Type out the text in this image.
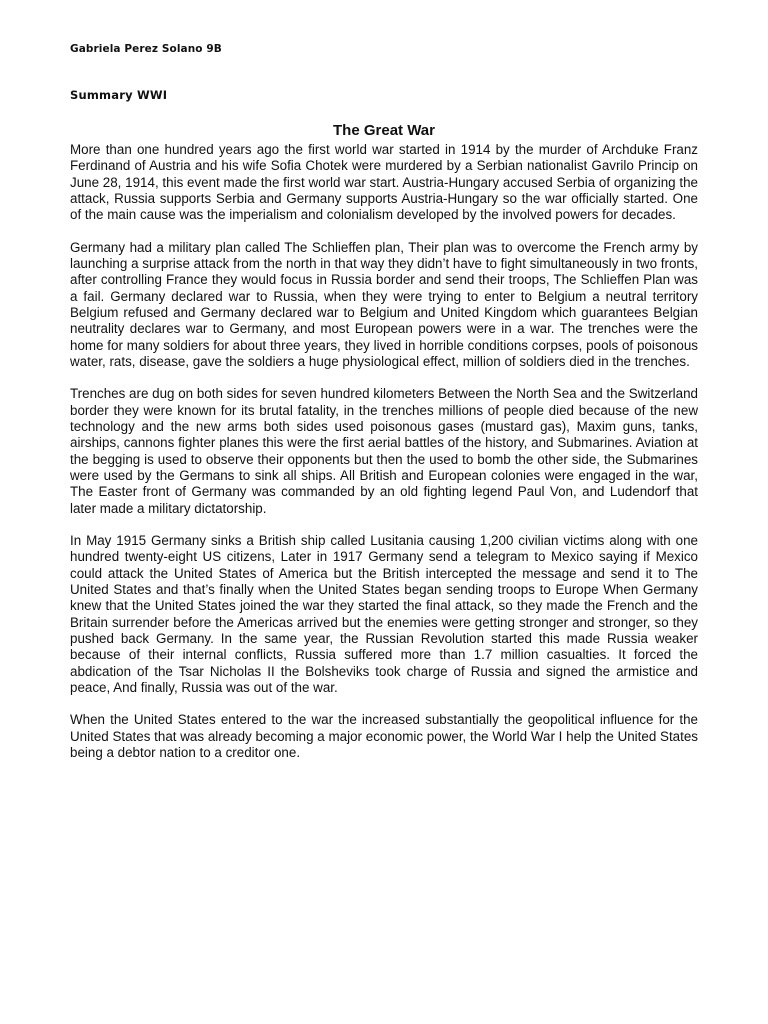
Gabriela Perez Solano 9B
Summary WWI
The Great War

More than one hundred years ago the first world war started in 1914 by the murder of Archduke Franz Ferdinand of Austria and his wife Sofia Chotek were murdered by a Serbian nationalist Gavrilo Princip on June 28, 1914, this event made the first world war start. Austria-Hungary accused Serbia of organizing the attack, Russia supports Serbia and Germany supports Austria-Hungary so the war officially started. One of the main cause was the imperialism and colonialism developed by the involved powers for decades.

Germany had a military plan called The Schlieffen plan, Their plan was to overcome the French army by launching a surprise attack from the north in that way they didn’t have to fight simultaneously in two fronts, after controlling France they would focus in Russia border and send their troops, The Schlieffen Plan was a fail. Germany declared war to Russia, when they were trying to enter to Belgium a neutral territory Belgium refused and Germany declared war to Belgium and United Kingdom which guarantees Belgian neutrality declares war to Germany, and most European powers were in a war. The trenches were the home for many soldiers for about three years, they lived in horrible conditions corpses, pools of poisonous water, rats, disease, gave the soldiers a huge physiological effect, million of soldiers died in the trenches.

Trenches are dug on both sides for seven hundred kilometers Between the North Sea and the Switzerland border they were known for its brutal fatality, in the trenches millions of people died because of the new technology and the new arms both sides used poisonous gases (mustard gas), Maxim guns, tanks, airships, cannons fighter planes this were the first aerial battles of the history, and Submarines. Aviation at the begging is used to observe their opponents but then the used to bomb the other side, the Submarines were used by the Germans to sink all ships. All British and European colonies were engaged in the war, The Easter front of Germany was commanded by an old fighting legend Paul Von, and Ludendorf that later made a military dictatorship.

In May 1915 Germany sinks a British ship called Lusitania causing 1,200 civilian victims along with one hundred twenty-eight US citizens, Later in 1917 Germany send a telegram to Mexico saying if Mexico could attack the United States of America but the British intercepted the message and send it to The United States and that’s finally when the United States began sending troops to Europe When Germany knew that the United States joined the war they started the final attack, so they made the French and the Britain surrender before the Americas arrived but the enemies were getting stronger and stronger, so they pushed back Germany. In the same year, the Russian Revolution started this made Russia weaker because of their internal conflicts, Russia suffered more than 1.7 million casualties. It forced the abdication of the Tsar Nicholas II the Bolsheviks took charge of Russia and signed the armistice and peace, And finally, Russia was out of the war.

When the United States entered to the war the increased substantially the geopolitical influence for the United States that was already becoming a major economic power, the World War I help the United States being a debtor nation to a creditor one.
